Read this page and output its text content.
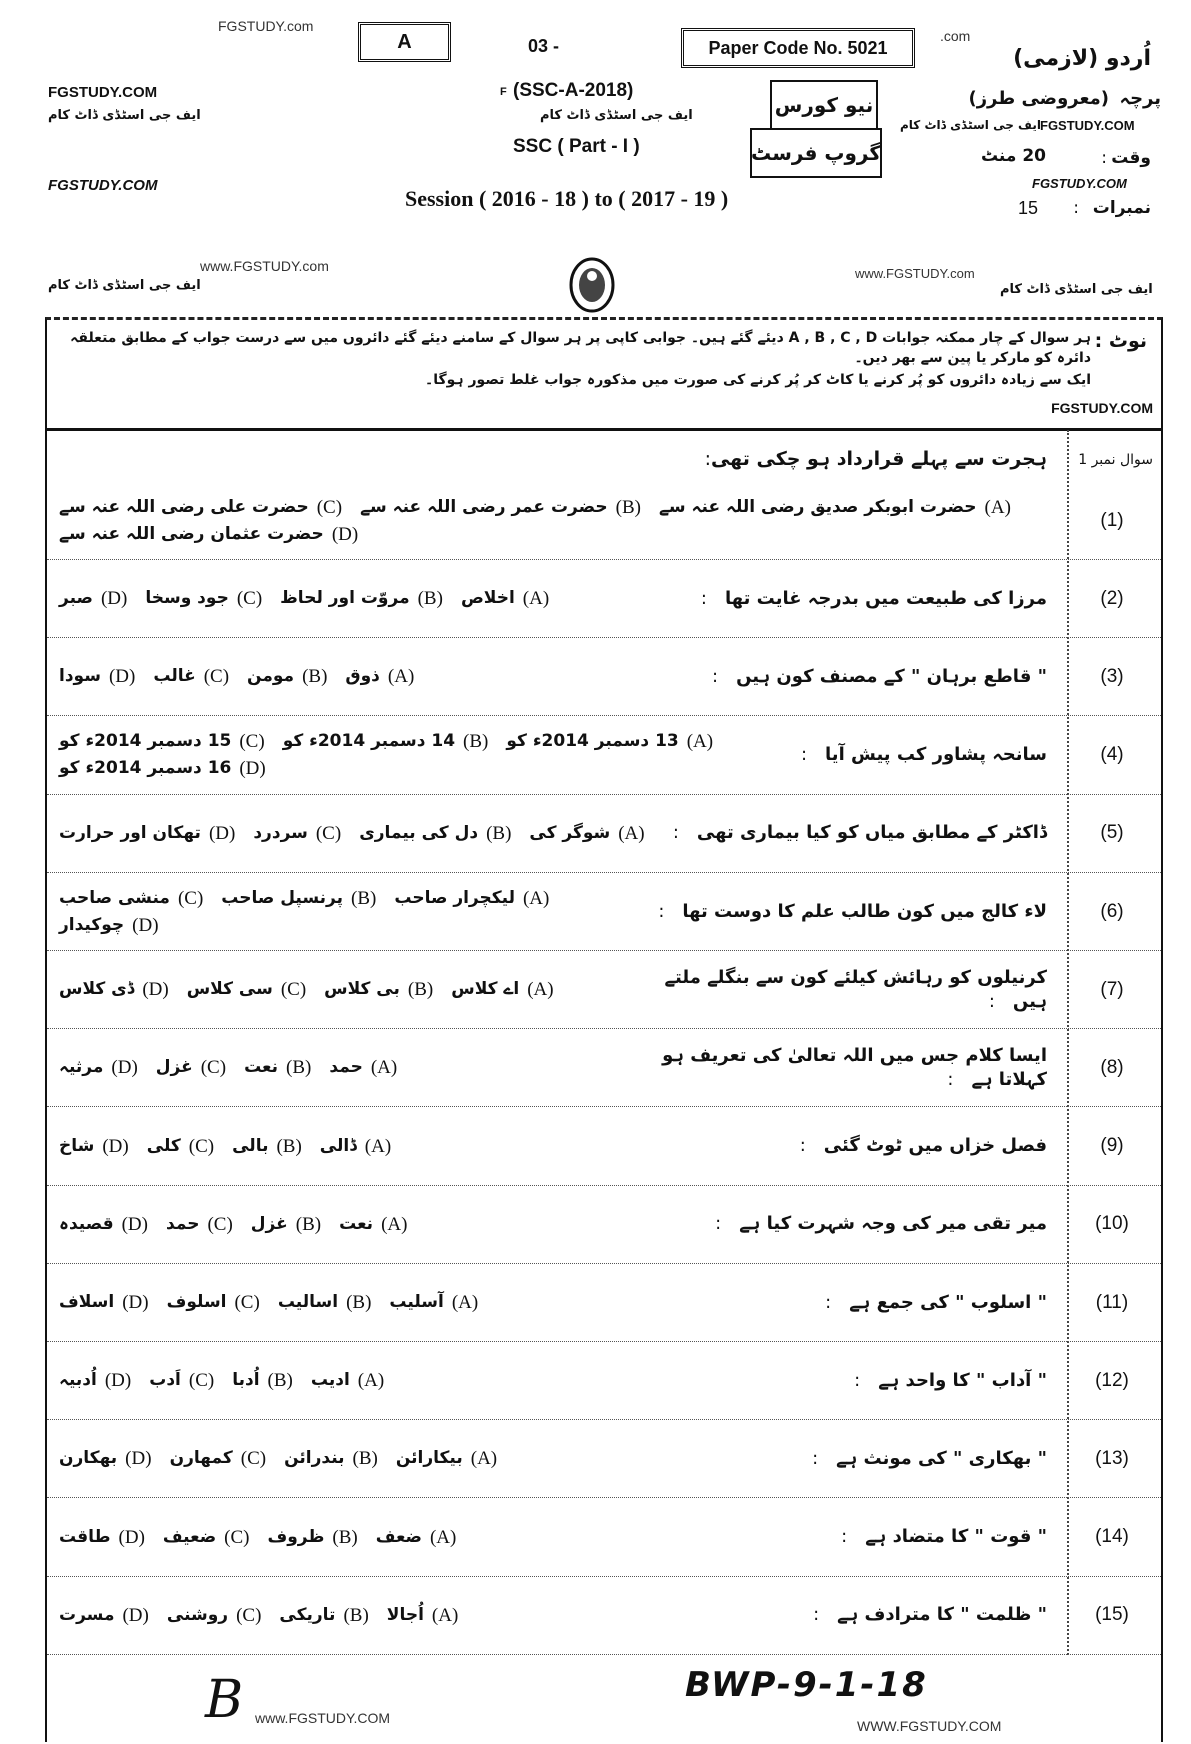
FGSTUDY.com
FGSTUDY.COM
ایف جی اسٹڈی ڈاٹ کام
FGSTUDY.COM
www.FGSTUDY.com
ایف جی اسٹڈی ڈاٹ کام
A	03 -	Paper Code No. 5021
.com
F (SSC-A-2018)
ایف جی اسٹڈی ڈاٹ کام
SSC ( Part - I )
Session ( 2016 - 18 ) to ( 2017 - 19 )
نیو کورس
گروپ فرسٹ
اُردو (لازمی)
پرچہ
(معروضی طرز)
FGSTUDY.COM
ایف جی اسٹڈی ڈاٹ کام
وقت
:
20 منٹ
FGSTUDY.COM
نمبرات
:
15
www.FGSTUDY.com
ایف جی اسٹڈی ڈاٹ کام
نوٹ :
ہر سوال کے چار ممکنہ جوابات A , B , C , D دیئے گئے ہیں۔ جوابی کاپی پر ہر سوال کے سامنے دیئے گئے دائروں میں سے درست جواب کے مطابق متعلقہ دائرہ کو مارکر یا پین سے بھر دیں۔
ایک سے زیادہ دائروں کو پُر کرنے یا کاٹ کر پُر کرنے کی صورت میں مذکورہ جواب غلط تصور ہوگا۔
FGSTUDY.COM
سوال نمبر 1
ہجرت سے پہلے قرارداد ہو چکی تھی
:
(1)
(A)
حضرت ابوبکر صدیق رضی اللہ عنہ سے
(B)
حضرت عمر رضی اللہ عنہ سے
(C)
حضرت علی رضی اللہ عنہ سے
(D)
حضرت عثمان رضی اللہ عنہ سے
(2)
مرزا کی طبیعت میں بدرجہ غایت تھا:
(A)
اخلاص
(B)
مروّت اور لحاظ
(C)
جود وسخا
(D)
صبر
(3)
" قاطع برہان " کے مصنف کون ہیں:
(A)
ذوق
(B)
مومن
(C)
غالب
(D)
سودا
(4)
سانحہ پشاور کب پیش آیا:
(A)
13 دسمبر 2014ء کو
(B)
14 دسمبر 2014ء کو
(C)
15 دسمبر 2014ء کو
(D)
16 دسمبر 2014ء کو
(5)
ڈاکٹر کے مطابق میاں کو کیا بیماری تھی:
(A)
شوگر کی
(B)
دل کی بیماری
(C)
سردرد
(D)
تھکان اور حرارت
(6)
لاء کالج میں کون طالب علم کا دوست تھا:
(A)
لیکچرار صاحب
(B)
پرنسپل صاحب
(C)
منشی صاحب
(D)
چوکیدار
(7)
کرنیلوں کو رہائش کیلئے کون سے بنگلے ملتے ہیں:
(A)
اے کلاس
(B)
بی کلاس
(C)
سی کلاس
(D)
ڈی کلاس
(8)
ایسا کلام جس میں اللہ تعالیٰ کی تعریف ہو کہلاتا ہے:
(A)
حمد
(B)
نعت
(C)
غزل
(D)
مرثیہ
(9)
فصل خزاں میں ٹوٹ گئی:
(A)
ڈالی
(B)
بالی
(C)
کلی
(D)
شاخ
(10)
میر تقی میر کی وجہ شہرت کیا ہے:
(A)
نعت
(B)
غزل
(C)
حمد
(D)
قصیدہ
(11)
" اسلوب " کی جمع ہے:
(A)
آسلیب
(B)
اسالیب
(C)
اسلوف
(D)
اسلاف
(12)
" آداب " کا واحد ہے:
(A)
ادیب
(B)
اُدبا
(C)
اَدب
(D)
اُدبیہ
(13)
" بھکاری " کی مونث ہے:
(A)
بیکارائن
(B)
بندرائن
(C)
کمھارن
(D)
بھکارن
(14)
" قوت " کا متضاد ہے:
(A)
ضعف
(B)
ظروف
(C)
ضعیف
(D)
طاقت
(15)
" ظلمت " کا مترادف ہے:
(A)
اُجالا
(B)
تاریکی
(C)
روشنی
(D)
مسرت
B www.FGSTUDY.COM
BWP-9-1-18
WWW.FGSTUDY.COM
